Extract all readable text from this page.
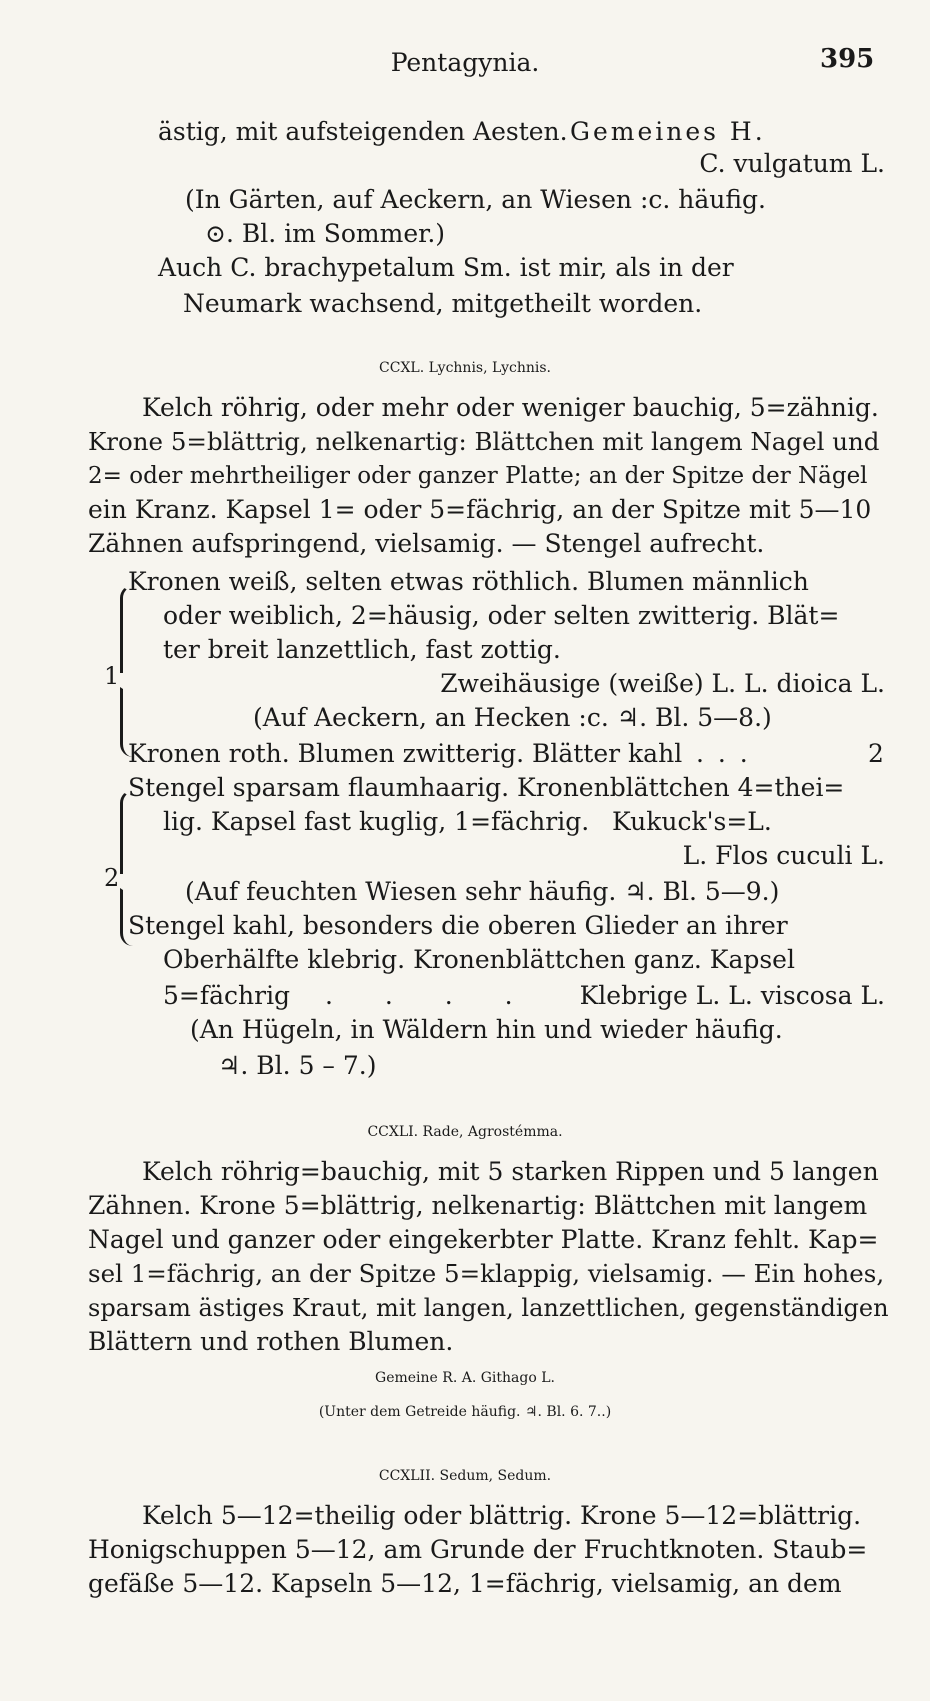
Pentagynia.	395
ästig, mit aufsteigenden Aesten. Gemeines H.
C. vulgatum L.
(In Gärten, auf Aeckern, an Wiesen :c. häufig.
⊙. Bl. im Sommer.)
Auch C. brachypetalum Sm. ist mir, als in der
Neumark wachsend, mitgetheilt worden.
CCXL. Lychnis, Lychnis.
Kelch röhrig, oder mehr oder weniger bauchig, 5=zähnig.
Krone 5=blättrig, nelkenartig: Blättchen mit langem Nagel und
2= oder mehrtheiliger oder ganzer Platte; an der Spitze der Nägel
ein Kranz. Kapsel 1= oder 5=fächrig, an der Spitze mit 5—10
Zähnen aufspringend, vielsamig. — Stengel aufrecht.
1
Kronen weiß, selten etwas röthlich. Blumen männlich
oder weiblich, 2=häusig, oder selten zwitterig. Blät=
ter breit lanzettlich, fast zottig.
Zweihäusige (weiße) L. L. dioica L.
(Auf Aeckern, an Hecken :c. ♃. Bl. 5—8.)
Kronen roth. Blumen zwitterig. Blätter kahl . . .	2
2
Stengel sparsam flaumhaarig. Kronenblättchen 4=thei=
lig. Kapsel fast kuglig, 1=fächrig. Kukuck's=L.
L. Flos cuculi L.
(Auf feuchten Wiesen sehr häufig. ♃. Bl. 5—9.)
Stengel kahl, besonders die oberen Glieder an ihrer
Oberhälfte klebrig. Kronenblättchen ganz. Kapsel
5=fächrig . . . .	Klebrige L. L. viscosa L.
(An Hügeln, in Wäldern hin und wieder häufig.
♃. Bl. 5 – 7.)
CCXLI. Rade, Agrostémma.
Kelch röhrig=bauchig, mit 5 starken Rippen und 5 langen
Zähnen. Krone 5=blättrig, nelkenartig: Blättchen mit langem
Nagel und ganzer oder eingekerbter Platte. Kranz fehlt. Kap=
sel 1=fächrig, an der Spitze 5=klappig, vielsamig. — Ein hohes,
sparsam ästiges Kraut, mit langen, lanzettlichen, gegenständigen
Blättern und rothen Blumen.
Gemeine R. A. Githago L.
(Unter dem Getreide häufig. ♃. Bl. 6. 7..)
CCXLII. Sedum, Sedum.
Kelch 5—12=theilig oder blättrig. Krone 5—12=blättrig.
Honigschuppen 5—12, am Grunde der Fruchtknoten. Staub=
gefäße 5—12. Kapseln 5—12, 1=fächrig, vielsamig, an dem
